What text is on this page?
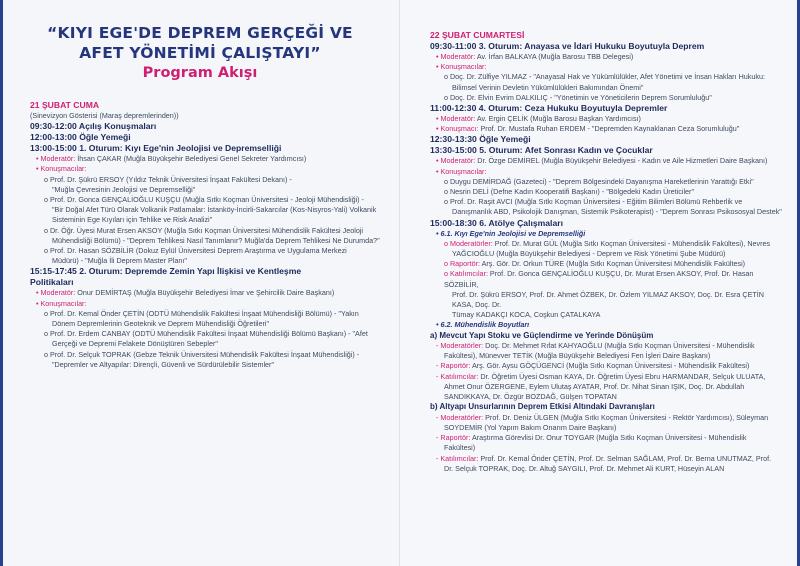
“KIYI EGE'DE DEPREM GERÇEĞİ VE
AFET YÖNETİMİ ÇALIŞTAYI”
Program Akışı
21 ŞUBAT CUMA
(Sinevizyon Gösterisi (Maraş depremlerinden))
09:30-12:00 Açılış Konuşmaları
12:00-13:00 Öğle Yemeği
13:00-15:00 1. Oturum: Kıyı Ege'nin Jeolojisi ve Depremselliği
• Moderatör: İhsan ÇAKAR (Muğla Büyükşehir Belediyesi Genel Sekreter Yardımcısı)
• Konuşmacılar:
o Prof. Dr. Şükrü ERSOY (Yıldız Teknik Üniversitesi İnşaat Fakültesi Dekanı) -
"Muğla Çevresinin Jeolojisi ve Depremselliği"
o Prof. Dr. Gonca GENÇALİOĞLU KUŞÇU (Muğla Sıtkı Koçman Üniversitesi - Jeoloji Mühendisliği) -
"Bir Doğal Afet Türü Olarak Volkanik Patlamalar: İstanköy-İncirli-Sakarcılar (Kos-Nisyros-Yali) Volkanik
Sisteminin Ege Kıyıları için Tehlike ve Risk Analizi"
o Dr. Öğr. Üyesi Murat Ersen AKSOY (Muğla Sıtkı Koçman Üniversitesi Mühendislik Fakültesi Jeoloji
Mühendisliği Bölümü) - "Deprem Tehlikesi Nasıl Tanımlanır? Muğla'da Deprem Tehlikesi Ne Durumda?"
o Prof. Dr. Hasan SÖZBİLİR (Dokuz Eylül Üniversitesi Deprem Araştırma ve Uygulama Merkezi
Müdürü) - "Muğla İli Deprem Master Planı"
15:15-17:45 2. Oturum: Depremde Zemin Yapı İlişkisi ve Kentleşme
Politikaları
• Moderatör: Onur DEMİRTAŞ (Muğla Büyükşehir Belediyesi İmar ve Şehircilik Daire Başkanı)
• Konuşmacılar:
o Prof. Dr. Kemal Önder ÇETİN (ODTÜ Mühendislik Fakültesi İnşaat Mühendisliği Bölümü) - "Yakın
Dönem Depremlerinin Geoteknik ve Deprem Mühendisliği Öğretileri"
o Prof. Dr. Erdem CANBAY (ODTÜ Mühendislik Fakültesi İnşaat Mühendisliği Bölümü Başkanı) - "Afet
Gerçeği ve Depremi Felakete Dönüştüren Sebepler"
o Prof. Dr. Selçuk TOPRAK (Gebze Teknik Üniversitesi Mühendislik Fakültesi İnşaat Mühendisliği) -
"Depremler ve Altyapılar: Dirençli, Güvenli ve Sürdürülebilir Sistemler"
22 ŞUBAT CUMARTESİ
09:30-11:00 3. Oturum: Anayasa ve İdari Hukuku Boyutuyla Deprem
• Moderatör: Av. İrfan BALKAYA (Muğla Barosu TBB Delegesi)
• Konuşmacılar:
o Doç. Dr. Zülfiye YILMAZ - "Anayasal Hak ve Yükümlülükler, Afet Yönetimi ve İnsan Hakları Hukuku:
Bilimsel Verinin Devletin Yükümlülükleri Bakımından Önemi"
o Doç. Dr. Elvin Evrim DALKILIÇ - "Yönetimin ve Yöneticilerin Deprem Sorumluluğu"
11:00-12:30 4. Oturum: Ceza Hukuku Boyutuyla Depremler
• Moderatör: Av. Ergin ÇELİK (Muğla Barosu Başkan Yardımcısı)
• Konuşmacı: Prof. Dr. Mustafa Ruhan ERDEM - "Depremden Kaynaklanan Ceza Sorumluluğu"
12:30-13:30 Öğle Yemeği
13:30-15:00 5. Oturum: Afet Sonrası Kadın ve Çocuklar
• Moderatör: Dr. Özge DEMİREL (Muğla Büyükşehir Belediyesi - Kadın ve Aile Hizmetleri Daire Başkanı)
• Konuşmacılar:
o Duygu DEMİRDAĞ (Gazeteci) - "Deprem Bölgesindeki Dayanışma Hareketlerinin Yarattığı Etki"
o Nesrin DELİ (Defne Kadın Kooperatifi Başkanı) - "Bölgedeki Kadın Üreticiler"
o Prof. Dr. Raşit AVCI (Muğla Sıtkı Koçman Üniversitesi - Eğitim Bilimleri Bölümü Rehberlik ve
Danışmanlık ABD, Psikolojik Danışman, Sistemik Psikoterapist) - "Deprem Sonrası Psikososyal Destek"
15:00-18:30 6. Atölye Çalışmaları
• 6.1. Kıyı Ege'nin Jeolojisi ve Depremselliği
o Moderatörler: Prof. Dr. Murat GÜL (Muğla Sıtkı Koçman Üniversitesi - Mühendislik Fakültesi), Nevres
YAĞCIOĞLU (Muğla Büyükşehir Belediyesi - Deprem ve Risk Yönetimi Şube Müdürü)
o Raportör: Arş. Gör. Dr. Orkun TÜRE (Muğla Sıtkı Koçman Üniversitesi Mühendislik Fakültesi)
o Katılımcılar: Prof. Dr. Gonca GENÇALİOĞLU KUŞÇU, Dr. Murat Ersen AKSOY, Prof. Dr. Hasan SÖZBİLİR,
Prof. Dr. Şükrü ERSOY, Prof. Dr. Ahmet ÖZBEK, Dr. Özlem YILMAZ AKSOY, Doç. Dr. Esra ÇETİN KASA, Doç. Dr.
Tümay KADAKÇI KOCA, Coşkun ÇATALKAYA
• 6.2. Mühendislik Boyutları
a) Mevcut Yapı Stoku ve Güçlendirme ve Yerinde Dönüşüm
- Moderatörler: Doç. Dr. Mehmet Rıfat KAHYAOĞLU (Muğla Sıtkı Koçman Üniversitesi - Mühendislik
Fakültesi), Münevver TETİK (Muğla Büyükşehir Belediyesi Fen İşleri Daire Başkanı)
- Raportör: Arş. Gör. Aysu GÖÇÜGENCİ (Muğla Sıtkı Koçman Üniversitesi - Mühendislik Fakültesi)
- Katılımcılar: Dr. Öğretim Üyesi Osman KAYA, Dr. Öğretim Üyesi Ebru HARMANDAR, Selçuk ULUATA,
Ahmet Onur ÖZERGENE, Eylem Ulutaş AYATAR, Prof. Dr. Nihat Sinan IŞIK, Doç. Dr. Abdullah
SANDIKKAYA, Dr. Özgür BOZDAĞ, Gülşen TOPATAN
b) Altyapı Unsurlarının Deprem Etkisi Altındaki Davranışları
- Moderatörler: Prof. Dr. Deniz ÜLGEN (Muğla Sıtkı Koçman Üniversitesi - Rektör Yardımcısı), Süleyman
SOYDEMİR (Yol Yapım Bakım Onarım Daire Başkanı)
- Raportör: Araştırma Görevlisi Dr. Onur TOYGAR (Muğla Sıtkı Koçman Üniversitesi - Mühendislik
Fakültesi)
- Katılımcılar: Prof. Dr. Kemal Önder ÇETİN, Prof. Dr. Selman SAĞLAM, Prof. Dr. Berna UNUTMAZ, Prof.
Dr. Selçuk TOPRAK, Doç. Dr. Altuğ SAYGILI, Prof. Dr. Mehmet Ali KURT, Hüseyin ALAN
